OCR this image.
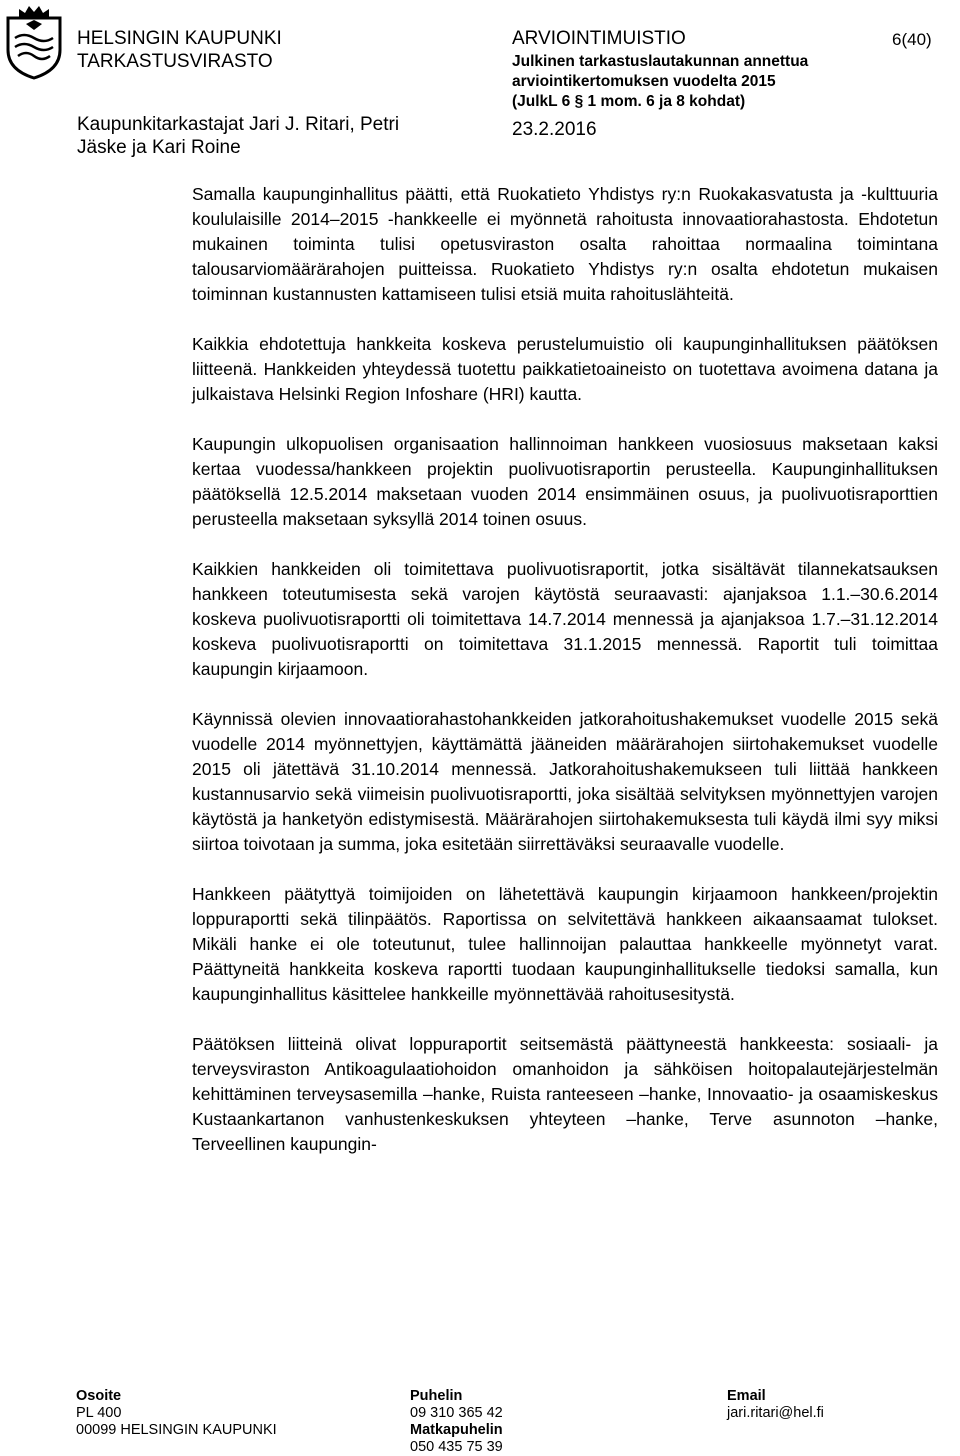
HELSINGIN KAUPUNKI
TARKASTUSVIRASTO
Kaupunkitarkastajat Jari J. Ritari, Petri
Jäske ja Kari Roine
ARVIOINTIMUISTIO
Julkinen tarkastuslautakunnan annettua
arviointikertomuksen vuodelta 2015
(JulkL 6 § 1 mom. 6 ja 8 kohdat)
23.2.2016
6(40)

Samalla kaupunginhallitus päätti, että Ruokatieto Yhdistys ry:n Ruokakasvatusta ja -kulttuuria koululaisille 2014–2015 -hankkeelle ei myönnetä rahoitusta innovaatiorahastosta. Ehdotetun mukainen toiminta tulisi opetusviraston osalta rahoittaa normaalina toimintana talousarviomäärärahojen puitteissa. Ruokatieto Yhdistys ry:n osalta ehdotetun mukaisen toiminnan kustannusten kattamiseen tulisi etsiä muita rahoituslähteitä.

Kaikkia ehdotettuja hankkeita koskeva perustelumuistio oli kaupunginhallituksen päätöksen liitteenä. Hankkeiden yhteydessä tuotettu paikkatietoaineisto on tuotettava avoimena datana ja julkaistava Helsinki Region Infoshare (HRI) kautta.

Kaupungin ulkopuolisen organisaation hallinnoiman hankkeen vuosiosuus maksetaan kaksi kertaa vuodessa/hankkeen projektin puolivuotisraportin perusteella. Kaupunginhallituksen päätöksellä 12.5.2014 maksetaan vuoden 2014 ensimmäinen osuus, ja puolivuotisraporttien perusteella maksetaan syksyllä 2014 toinen osuus.

Kaikkien hankkeiden oli toimitettava puolivuotisraportit, jotka sisältävät tilannekatsauksen hankkeen toteutumisesta sekä varojen käytöstä seuraavasti: ajanjaksoa 1.1.–30.6.2014 koskeva puolivuotisraportti oli toimitettava 14.7.2014 mennessä ja ajanjaksoa 1.7.–31.12.2014 koskeva puolivuotisraportti on toimitettava 31.1.2015 mennessä. Raportit tuli toimittaa kaupungin kirjaamoon.

Käynnissä olevien innovaatiorahastohankkeiden jatkorahoitushakemukset vuodelle 2015 sekä vuodelle 2014 myönnettyjen, käyttämättä jääneiden määrärahojen siirtohakemukset vuodelle 2015 oli jätettävä 31.10.2014 mennessä. Jatkorahoitushakemukseen tuli liittää hankkeen kustannusarvio sekä viimeisin puolivuotisraportti, joka sisältää selvityksen myönnettyjen varojen käytöstä ja hanketyön edistymisestä. Määrärahojen siirtohakemuksesta tuli käydä ilmi syy miksi siirtoa toivotaan ja summa, joka esitetään siirrettäväksi seuraavalle vuodelle.

Hankkeen päätyttyä toimijoiden on lähetettävä kaupungin kirjaamoon hankkeen/projektin loppuraportti sekä tilinpäätös. Raportissa on selvitettävä hankkeen aikaansaamat tulokset. Mikäli hanke ei ole toteutunut, tulee hallinnoijan palauttaa hankkeelle myönnetyt varat. Päättyneitä hankkeita koskeva raportti tuodaan kaupunginhallitukselle tiedoksi samalla, kun kaupunginhallitus käsittelee hankkeille myönnettävää rahoitusesitystä.

Päätöksen liitteinä olivat loppuraportit seitsemästä päättyneestä hankkeesta: sosiaali- ja terveysviraston Antikoagulaatiohoidon omanhoidon ja sähköisen hoitopalautejärjestelmän kehittäminen terveysasemilla –hanke, Ruista ranteeseen –hanke, Innovaatio- ja osaamiskeskus Kustaankartanon vanhustenkeskuksen yhteyteen –hanke, Terve asunnoton –hanke, Terveellinen kaupungin-

Osoite
PL 400
00099 HELSINGIN KAUPUNKI
Puhelin
09 310 365 42
Matkapuhelin
050 435 75 39
Email
jari.ritari@hel.fi
